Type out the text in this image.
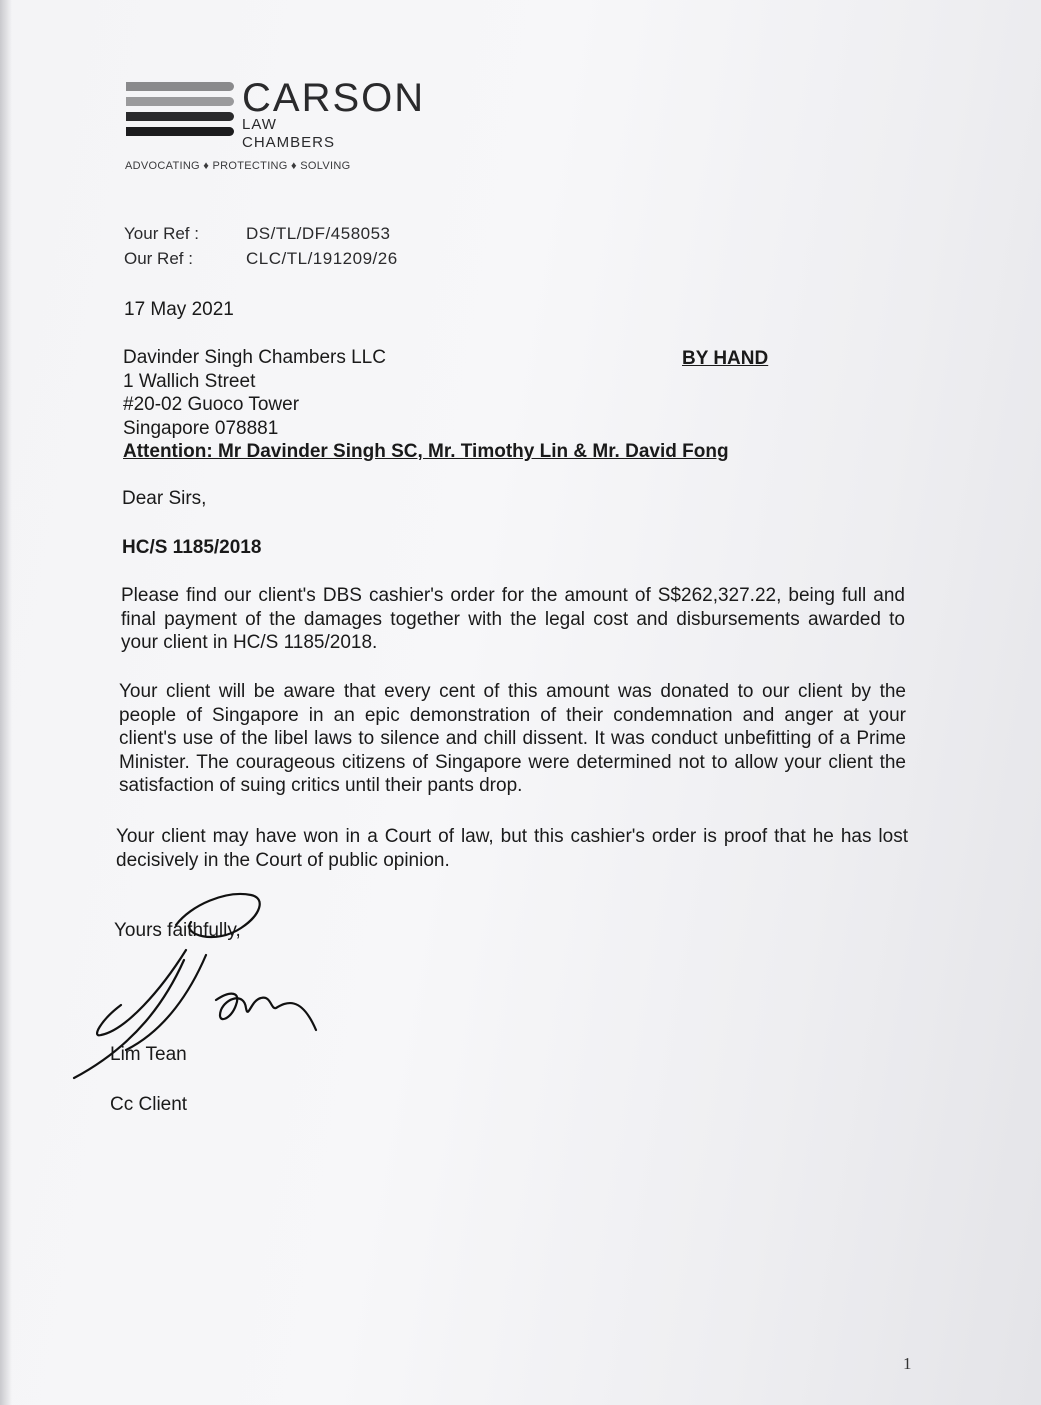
CARSON
LAW
CHAMBERS
ADVOCATING ♦ PROTECTING ♦ SOLVING
Your Ref :	DS/TL/DF/458053
Our Ref :	CLC/TL/191209/26
17 May 2021
BY HAND
Davinder Singh Chambers LLC
1 Wallich Street
#20-02 Guoco Tower
Singapore 078881
Attention: Mr Davinder Singh SC, Mr. Timothy Lin & Mr. David Fong
Dear Sirs,
HC/S 1185/2018
Please find our client's DBS cashier's order for the amount of S$262,327.22, being full and final payment of the damages together with the legal cost and disbursements awarded to your client in HC/S 1185/2018.
Your client will be aware that every cent of this amount was donated to our client by the people of Singapore in an epic demonstration of their condemnation and anger at your client's use of the libel laws to silence and chill dissent. It was conduct unbefitting of a Prime Minister. The courageous citizens of Singapore were determined not to allow your client the satisfaction of suing critics until their pants drop.
Your client may have won in a Court of law, but this cashier's order is proof that he has lost decisively in the Court of public opinion.
Yours faithfully,
Lim Tean
Cc Client
1
